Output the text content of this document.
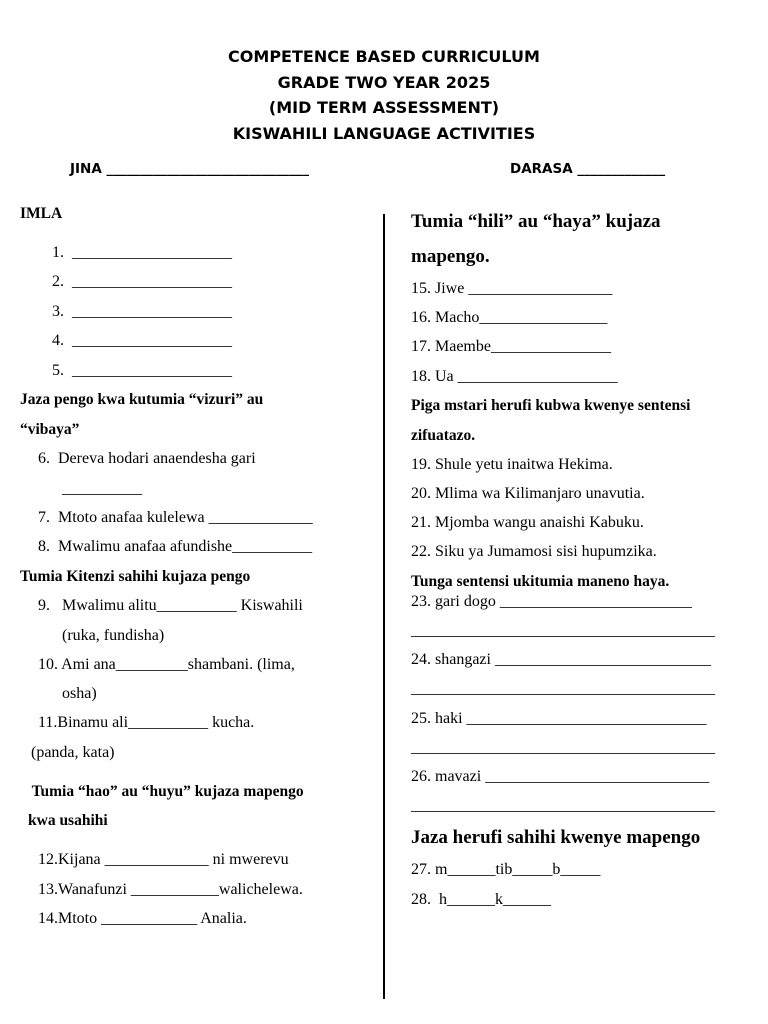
COMPETENCE BASED CURRICULUM
GRADE TWO YEAR 2025
(MID TERM ASSESSMENT)
KISWAHILI LANGUAGE ACTIVITIES
JINA ______________________________	DARASA _____________
IMLA
1.  ____________________
2.  ____________________
3.  ____________________
4.  ____________________
5.  ____________________
Jaza pengo kwa kutumia “vizuri” au
“vibaya”
6.  Dereva hodari anaendesha gari
__________
7.  Mtoto anafaa kulelewa _____________
8.  Mwalimu anafaa afundishe__________
Tumia Kitenzi sahihi kujaza pengo
9.   Mwalimu alitu__________ Kiswahili
(ruka, fundisha)
10. Ami ana_________shambani. (lima,
osha)
11.Binamu ali__________ kucha.
(panda, kata)
Tumia “hao” au “huyu” kujaza mapengo
kwa usahihi
12.Kijana _____________ ni mwerevu
13.Wanafunzi ___________walichelewa.
14.Mtoto ____________ Analia.
Tumia “hili” au “haya” kujaza
mapengo.
15. Jiwe __________________
16. Macho________________
17. Maembe_______________
18. Ua ____________________
Piga mstari herufi kubwa kwenye sentensi
zifuatazo.
19. Shule yetu inaitwa Hekima.
20. Mlima wa Kilimanjaro unavutia.
21. Mjomba wangu anaishi Kabuku.
22. Siku ya Jumamosi sisi hupumzika.
Tunga sentensi ukitumia maneno haya.
23. gari dogo ________________________
______________________________________
24. shangazi ___________________________
______________________________________
25. haki ______________________________
______________________________________
26. mavazi ____________________________
______________________________________
Jaza herufi sahihi kwenye mapengo
27. m______tib_____b_____
28.  h______k______
